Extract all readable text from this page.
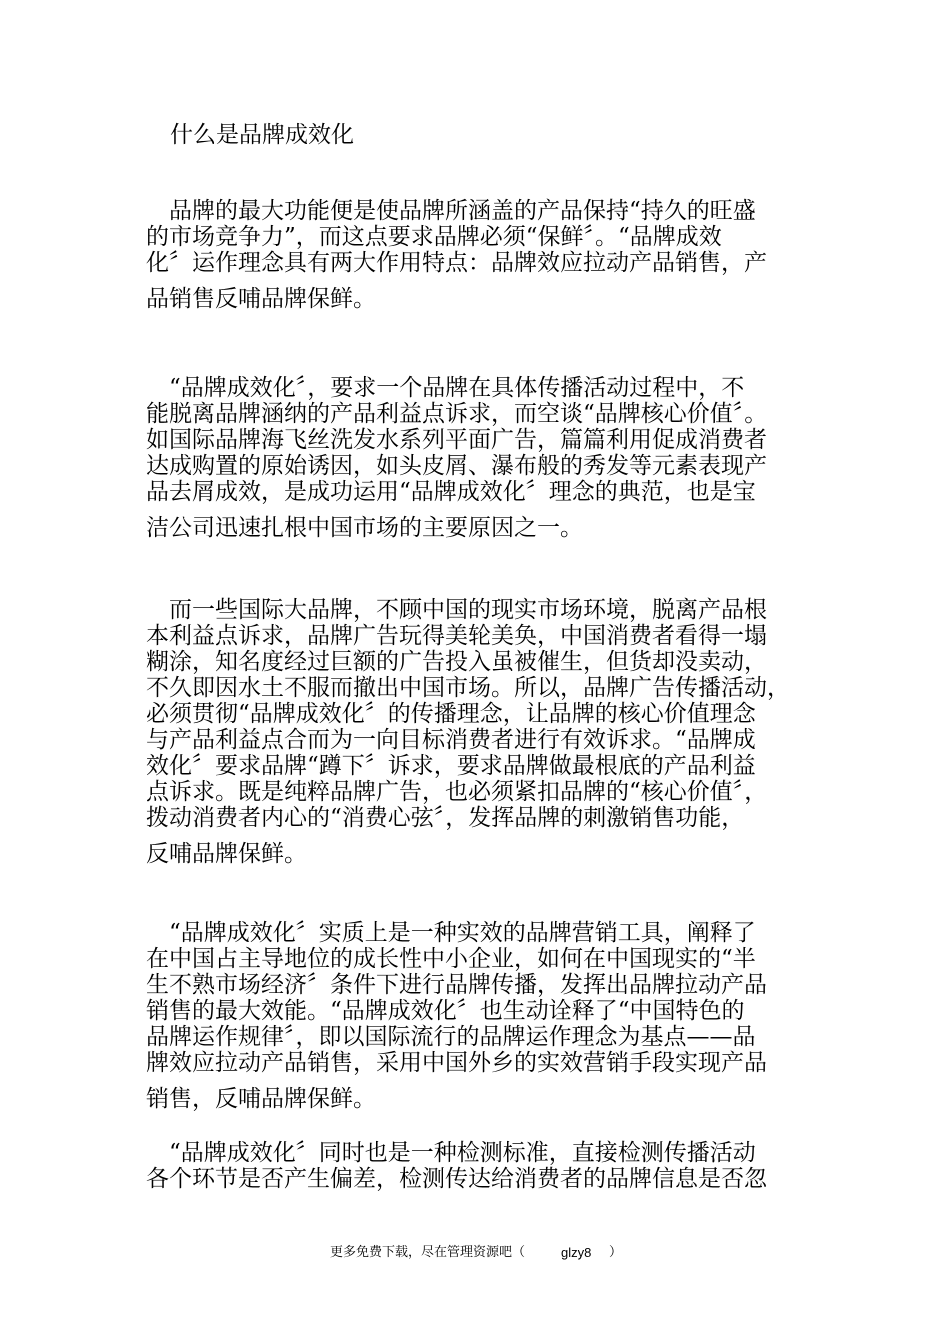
什么是品牌成效化
　品牌的最大功能便是使品牌所涵盖的产品保持“持久的旺盛
的市场竞争力”，而这点要求品牌必须“保鲜〞。“品牌成效
化〞运作理念具有两大作用特点：品牌效应拉动产品销售，产
品销售反哺品牌保鲜。
　“品牌成效化〞，要求一个品牌在具体传播活动过程中，不
能脱离品牌涵纳的产品利益点诉求，而空谈“品牌核心价值〞。
如国际品牌海飞丝洗发水系列平面广告，篇篇利用促成消费者
达成购置的原始诱因，如头皮屑、瀑布般的秀发等元素表现产
品去屑成效，是成功运用“品牌成效化〞理念的典范，也是宝
洁公司迅速扎根中国市场的主要原因之一。
　而一些国际大品牌，不顾中国的现实市场环境，脱离产品根
本利益点诉求，品牌广告玩得美轮美奂，中国消费者看得一塌
糊涂，知名度经过巨额的广告投入虽被催生，但货却没卖动，
不久即因水土不服而撤出中国市场。所以，品牌广告传播活动，
必须贯彻“品牌成效化〞的传播理念，让品牌的核心价值理念
与产品利益点合而为一向目标消费者进行有效诉求。“品牌成
效化〞要求品牌“蹲下〞诉求，要求品牌做最根底的产品利益
点诉求。既是纯粹品牌广告，也必须紧扣品牌的“核心价值〞，
拨动消费者内心的“消费心弦〞，发挥品牌的刺激销售功能，
反哺品牌保鲜。
　“品牌成效化〞实质上是一种实效的品牌营销工具，阐释了
在中国占主导地位的成长性中小企业，如何在中国现实的“半
生不熟市场经济〞条件下进行品牌传播，发挥出品牌拉动产品
销售的最大效能。“品牌成效化〞也生动诠释了“中国特色的
品牌运作规律〞，即以国际流行的品牌运作理念为基点——品
牌效应拉动产品销售，采用中国外乡的实效营销手段实现产品
销售，反哺品牌保鲜。
　“品牌成效化〞同时也是一种检测标准，直接检测传播活动
各个环节是否产生偏差，检测传达给消费者的品牌信息是否忽
更多免费下载，尽在管理资源吧（	glzy8 ）
